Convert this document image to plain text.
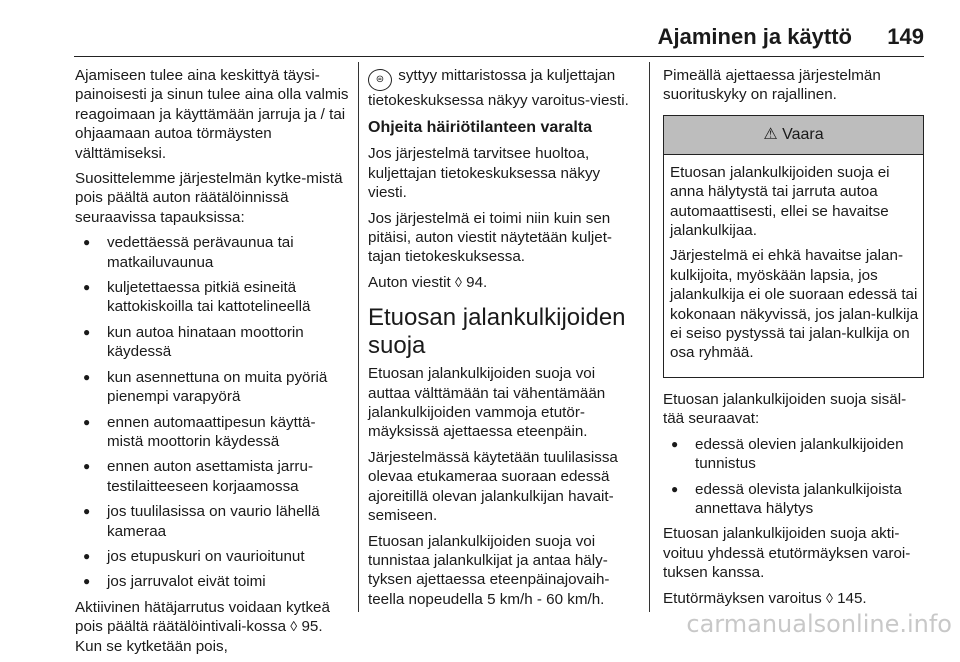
Ajaminen ja käyttö 149

Ajamiseen tulee aina keskittyä täysi-painoisesti ja sinun tulee aina olla valmis reagoimaan ja käyttämään jarruja ja / tai ohjaamaan autoa törmäysten välttämiseksi.

Suosittelemme järjestelmän kytke-mistä pois päältä auton räätälöinnissä seuraavissa tapauksissa:

● vedettäessä perävaunua tai matkailuvaunua
● kuljetettaessa pitkiä esineitä kattokiskoilla tai kattotelineellä
● kun autoa hinataan moottorin käydessä
● kun asennettuna on muita pyöriä pienempi varapyörä
● ennen automaattipesun käyttä-mistä moottorin käydessä
● ennen auton asettamista jarru-testilaitteeseen korjaamossa
● jos tuulilasissa on vaurio lähellä kameraa
● jos etupuskuri on vaurioitunut
● jos jarruvalot eivät toimi

Aktiivinen hätäjarrutus voidaan kytkeä pois päältä räätälöintivali-kossa ◊ 95. Kun se kytketään pois,

⊜ syttyy mittaristossa ja kuljettajan tietokeskuksessa näkyy varoitus-viesti.

Ohjeita häiriötilanteen varalta

Jos järjestelmä tarvitsee huoltoa, kuljettajan tietokeskuksessa näkyy viesti.

Jos järjestelmä ei toimi niin kuin sen pitäisi, auton viestit näytetään kuljet-tajan tietokeskuksessa.

Auton viestit ◊ 94.

Etuosan jalankulkijoiden suoja

Etuosan jalankulkijoiden suoja voi auttaa välttämään tai vähentämään jalankulkijoiden vammoja etutör-mäyksissä ajettaessa eteenpäin.

Järjestelmässä käytetään tuulilasissa olevaa etukameraa suoraan edessä ajoreitillä olevan jalankulkijan havait-semiseen.

Etuosan jalankulkijoiden suoja voi tunnistaa jalankulkijat ja antaa häly-tyksen ajettaessa eteenpäinajovaih-teella nopeudella 5 km/h - 60 km/h.

Pimeällä ajettaessa järjestelmän suorituskyky on rajallinen.

⚠ Vaara

Etuosan jalankulkijoiden suoja ei anna hälytystä tai jarruta autoa automaattisesti, ellei se havaitse jalankulkijaa.

Järjestelmä ei ehkä havaitse jalan-kulkijoita, myöskään lapsia, jos jalankulkija ei ole suoraan edessä tai kokonaan näkyvissä, jos jalan-kulkija ei seiso pystyssä tai jalan-kulkija on osa ryhmää.

Etuosan jalankulkijoiden suoja sisäl-tää seuraavat:

● edessä olevien jalankulkijoiden tunnistus
● edessä olevista jalankulkijoista annettava hälytys

Etuosan jalankulkijoiden suoja akti-voituu yhdessä etutörmäyksen varoi-tuksen kanssa.

Etutörmäyksen varoitus ◊ 145.

carmanualsonline.info
